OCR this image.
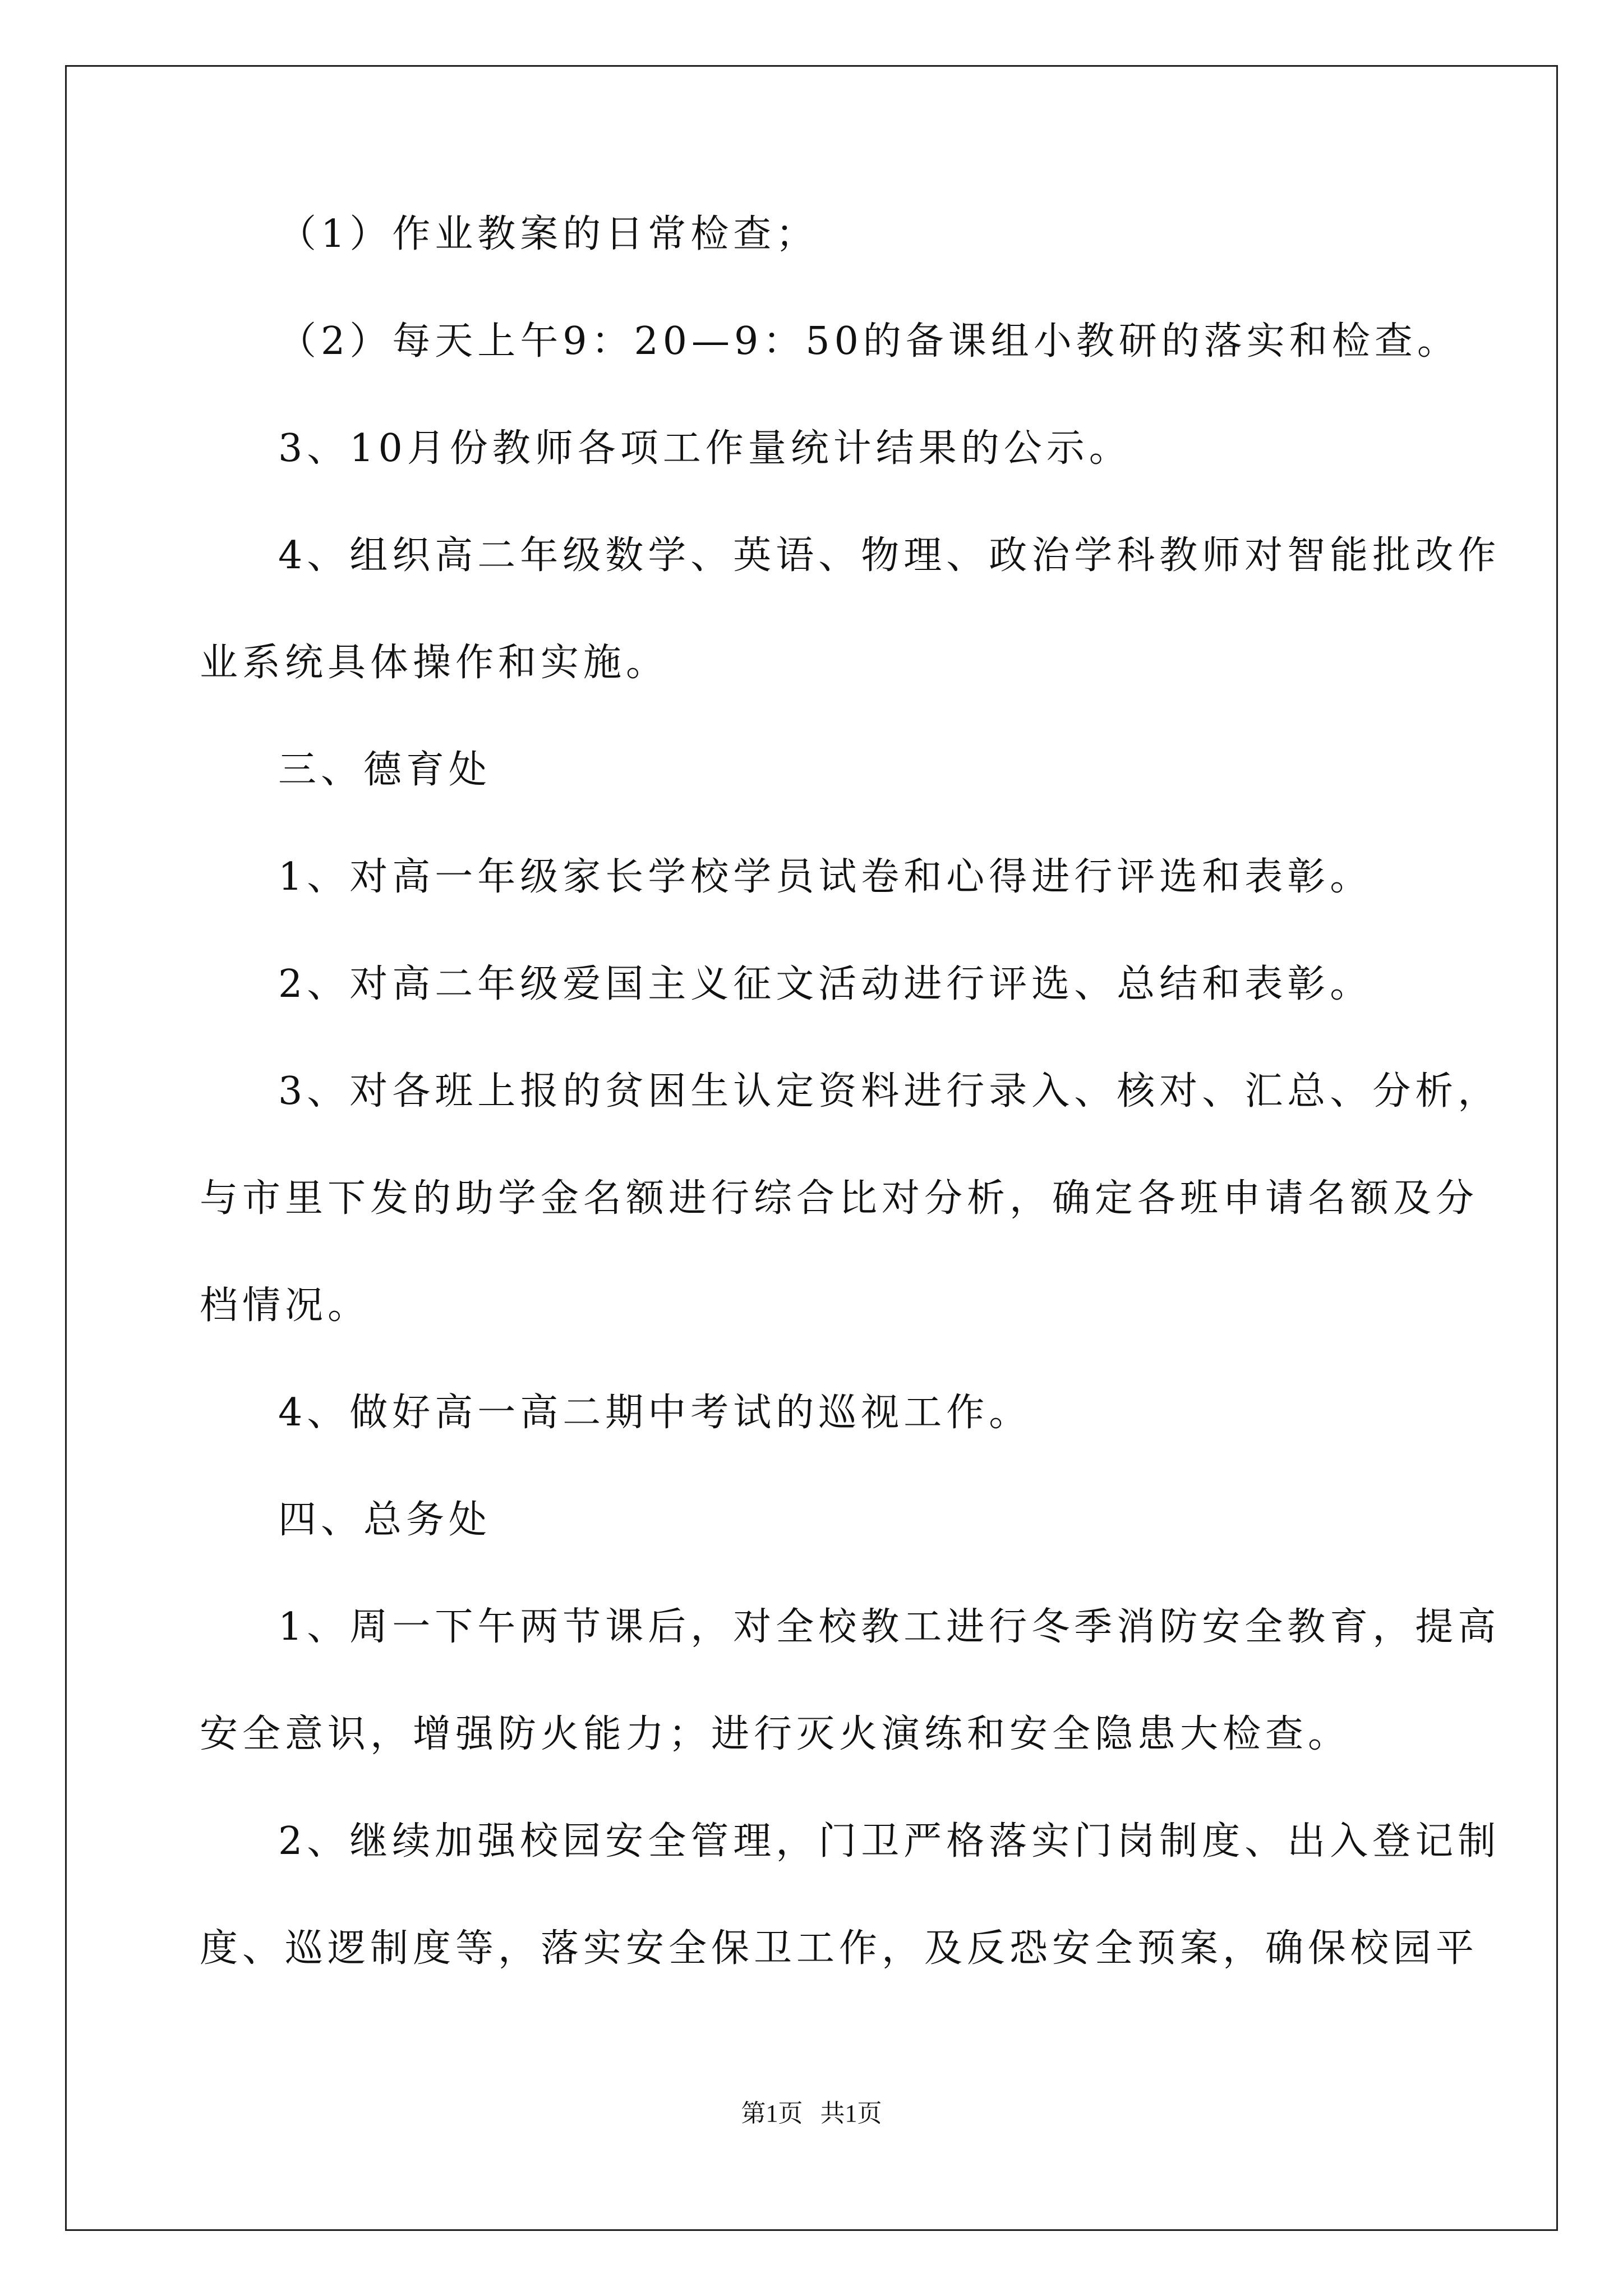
（1）作业教案的日常检查；

（2）每天上午9：20—9：50的备课组小教研的落实和检查。

3、10月份教师各项工作量统计结果的公示。

4、组织高二年级数学、英语、物理、政治学科教师对智能批改作

业系统具体操作和实施。

三、德育处

1、对高一年级家长学校学员试卷和心得进行评选和表彰。

2、对高二年级爱国主义征文活动进行评选、总结和表彰。

3、对各班上报的贫困生认定资料进行录入、核对、汇总、分析，

与市里下发的助学金名额进行综合比对分析，确定各班申请名额及分

档情况。

4、做好高一高二期中考试的巡视工作。

四、总务处

1、周一下午两节课后，对全校教工进行冬季消防安全教育，提高

安全意识，增强防火能力；进行灭火演练和安全隐患大检查。

2、继续加强校园安全管理，门卫严格落实门岗制度、出入登记制

度、巡逻制度等，落实安全保卫工作，及反恐安全预案，确保校园平

第1页 共1页
